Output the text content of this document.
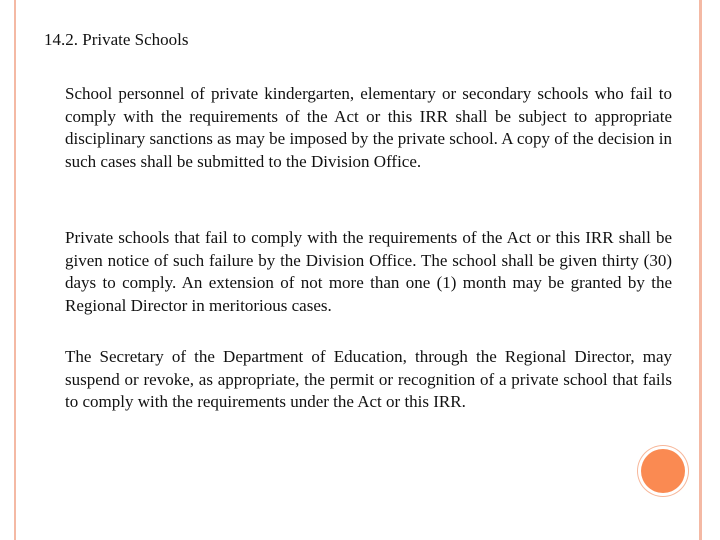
14.2. Private Schools

School personnel of private kindergarten, elementary or secondary schools who fail to comply with the requirements of the Act or this IRR shall be subject to appropriate disciplinary sanctions as may be imposed by the private school. A copy of the decision in such cases shall be submitted to the Division Office.

Private schools that fail to comply with the requirements of the Act or this IRR shall be given notice of such failure by the Division Office. The school shall be given thirty (30) days to comply. An extension of not more than one (1) month may be granted by the Regional Director in meritorious cases.

The Secretary of the Department of Education, through the Regional Director, may suspend or revoke, as appropriate, the permit or recognition of a private school that fails to comply with the requirements under the Act or this IRR.
